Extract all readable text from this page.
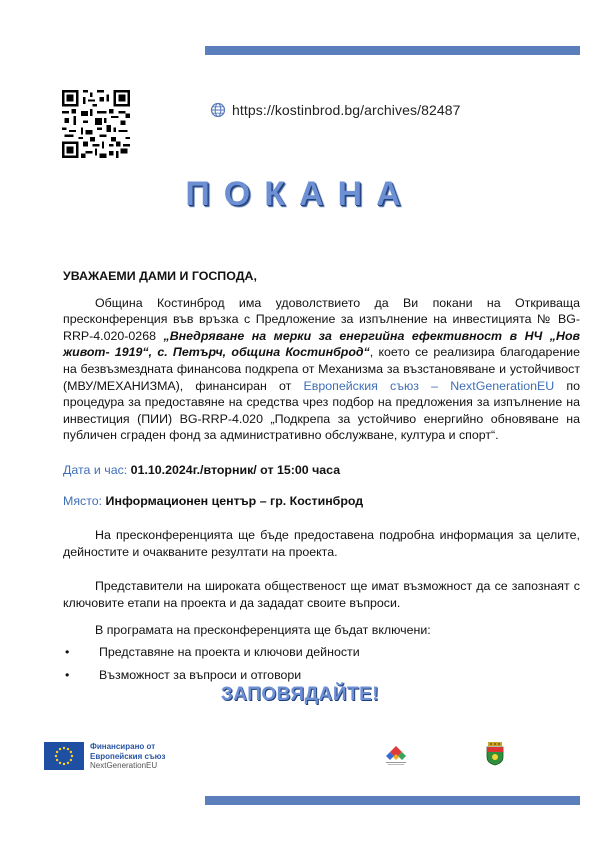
https://kostinbrod.bg/archives/82487
ПОКАНА

УВАЖАЕМИ ДАМИ И ГОСПОДА,

Община Костинброд има удоволствието да Ви покани на Откриваща пресконференция във връзка с Предложение за изпълнение на инвестицията № BG-RRP-4.020-0268 „Внедряване на мерки за енергийна ефективност в НЧ „Нов живот- 1919“, с. Петърч, община Костинброд“, което се реализира благодарение на безвъзмездната финансова подкрепа от Механизма за възстановяване и устойчивост (МВУ/МЕХАНИЗМА), финансиран от Европейския съюз – NextGenerationEU по процедура за предоставяне на средства чрез подбор на предложения за изпълнение на инвестиция (ПИИ) BG-RRP-4.020 „Подкрепа за устойчиво енергийно обновяване на публичен сграден фонд за административно обслужване, култура и спорт“.

Дата и час: 01.10.2024г./вторник/ от 15:00 часа

Място: Информационен център – гр. Костинброд

На пресконференцията ще бъде предоставена подробна информация за целите, дейностите и очакваните резултати на проекта.

Представители на широката общественост ще имат възможност да се запознаят с ключовите етапи на проекта и да зададат своите въпроси.

В програмата на пресконференцията ще бъдат включени:

• Представяне на проекта и ключови дейности
• Възможност за въпроси и отговори
ЗАПОВЯДАЙТЕ!
Финансирано от
Европейския съюз
NextGenerationEU
